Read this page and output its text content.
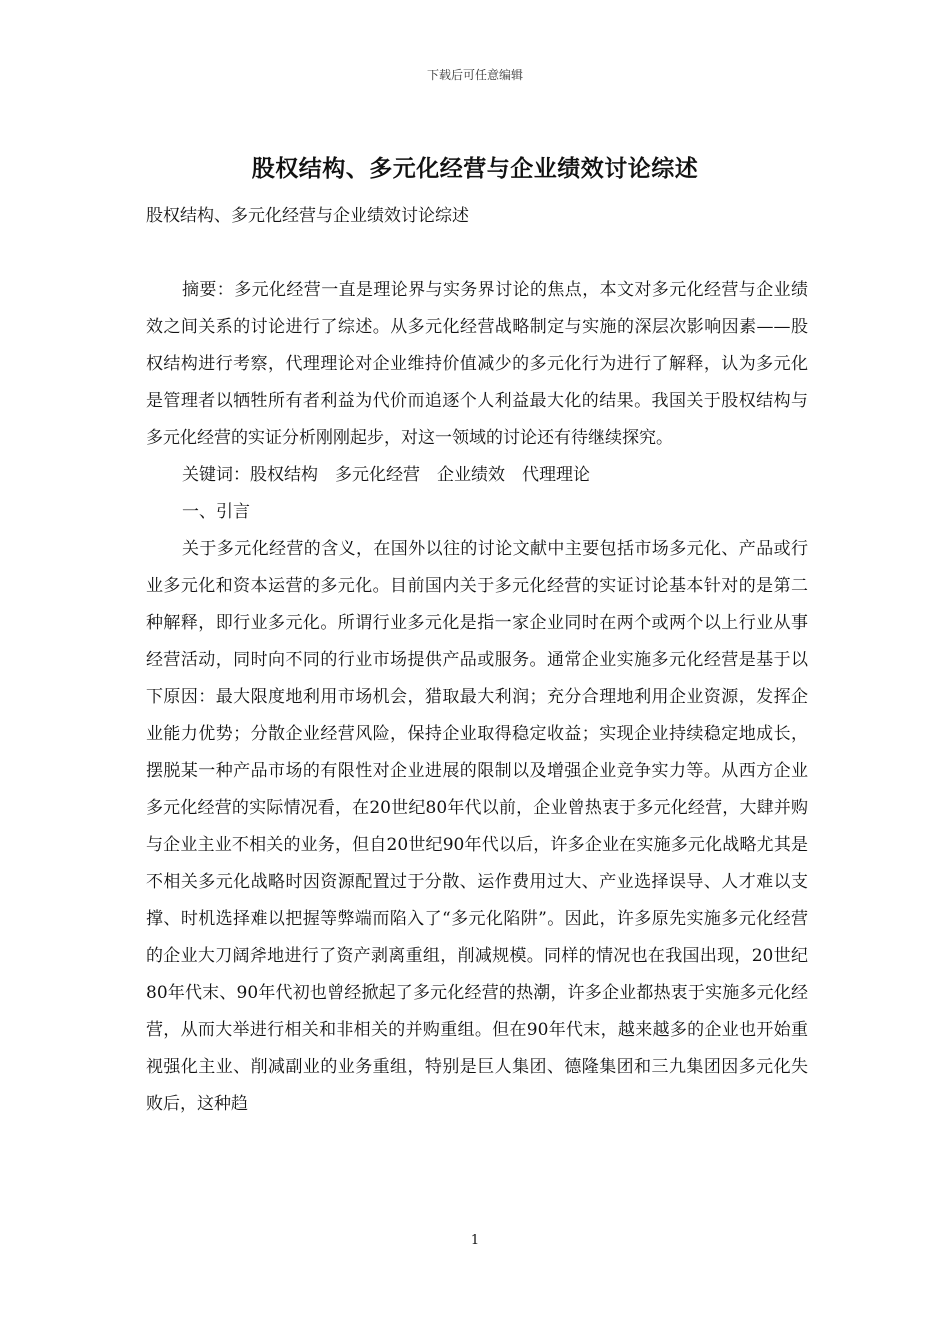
下载后可任意编辑
股权结构、多元化经营与企业绩效讨论综述
股权结构、多元化经营与企业绩效讨论综述

摘要：多元化经营一直是理论界与实务界讨论的焦点，本文对多元化经营与企业绩效之间关系的讨论进行了综述。从多元化经营战略制定与实施的深层次影响因素——股权结构进行考察，代理理论对企业维持价值减少的多元化行为进行了解释，认为多元化是管理者以牺牲所有者利益为代价而追逐个人利益最大化的结果。我国关于股权结构与多元化经营的实证分析刚刚起步，对这一领域的讨论还有待继续探究。

关键词：股权结构　多元化经营　企业绩效　代理理论

一、引言

关于多元化经营的含义，在国外以往的讨论文献中主要包括市场多元化、产品或行业多元化和资本运营的多元化。目前国内关于多元化经营的实证讨论基本针对的是第二种解释，即行业多元化。所谓行业多元化是指一家企业同时在两个或两个以上行业从事经营活动，同时向不同的行业市场提供产品或服务。通常企业实施多元化经营是基于以下原因：最大限度地利用市场机会，猎取最大利润；充分合理地利用企业资源，发挥企业能力优势；分散企业经营风险，保持企业取得稳定收益；实现企业持续稳定地成长，摆脱某一种产品市场的有限性对企业进展的限制以及增强企业竞争实力等。从西方企业多元化经营的实际情况看，在20世纪80年代以前，企业曾热衷于多元化经营，大肆并购与企业主业不相关的业务，但自20世纪90年代以后，许多企业在实施多元化战略尤其是不相关多元化战略时因资源配置过于分散、运作费用过大、产业选择误导、人才难以支撑、时机选择难以把握等弊端而陷入了“多元化陷阱”。因此，许多原先实施多元化经营的企业大刀阔斧地进行了资产剥离重组，削减规模。同样的情况也在我国出现，20世纪80年代末、90年代初也曾经掀起了多元化经营的热潮，许多企业都热衷于实施多元化经营，从而大举进行相关和非相关的并购重组。但在90年代末，越来越多的企业也开始重视强化主业、削减副业的业务重组，特别是巨人集团、德隆集团和三九集团因多元化失败后，这种趋

1
